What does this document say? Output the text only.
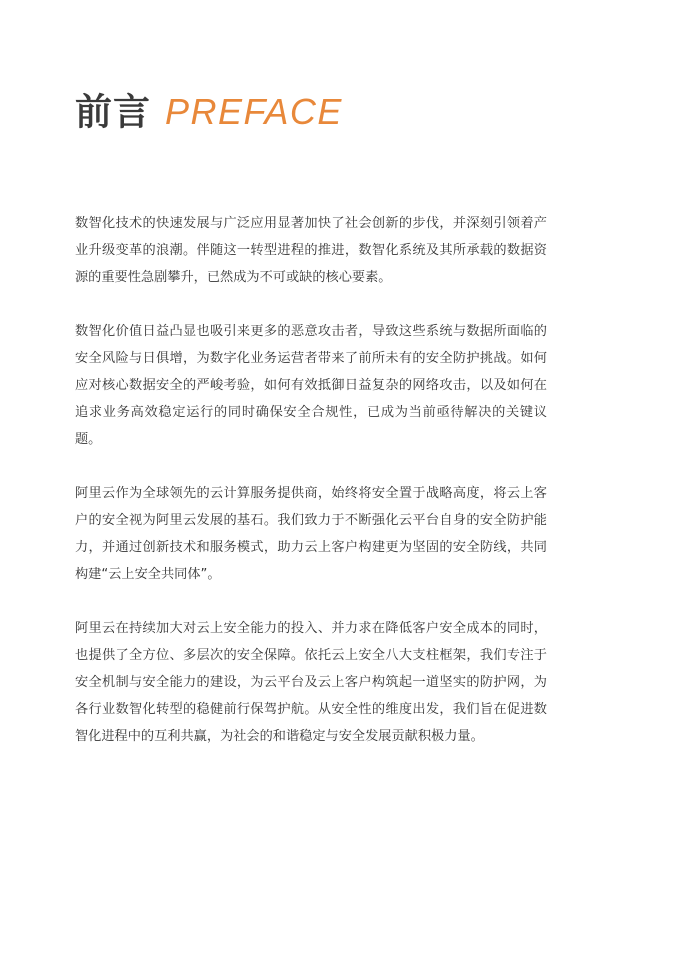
前言 PREFACE

数智化技术的快速发展与广泛应用显著加快了社会创新的步伐，并深刻引领着产业升级变革的浪潮。伴随这一转型进程的推进，数智化系统及其所承载的数据资源的重要性急剧攀升，已然成为不可或缺的核心要素。

数智化价值日益凸显也吸引来更多的恶意攻击者，导致这些系统与数据所面临的安全风险与日俱增，为数字化业务运营者带来了前所未有的安全防护挑战。如何应对核心数据安全的严峻考验，如何有效抵御日益复杂的网络攻击，以及如何在追求业务高效稳定运行的同时确保安全合规性，已成为当前亟待解决的关键议题。

阿里云作为全球领先的云计算服务提供商，始终将安全置于战略高度，将云上客户的安全视为阿里云发展的基石。我们致力于不断强化云平台自身的安全防护能力，并通过创新技术和服务模式，助力云上客户构建更为坚固的安全防线，共同构建“云上安全共同体”。

阿里云在持续加大对云上安全能力的投入、并力求在降低客户安全成本的同时，也提供了全方位、多层次的安全保障。依托云上安全八大支柱框架，我们专注于安全机制与安全能力的建设，为云平台及云上客户构筑起一道坚实的防护网，为各行业数智化转型的稳健前行保驾护航。从安全性的维度出发，我们旨在促进数智化进程中的互利共赢，为社会的和谐稳定与安全发展贡献积极力量。
